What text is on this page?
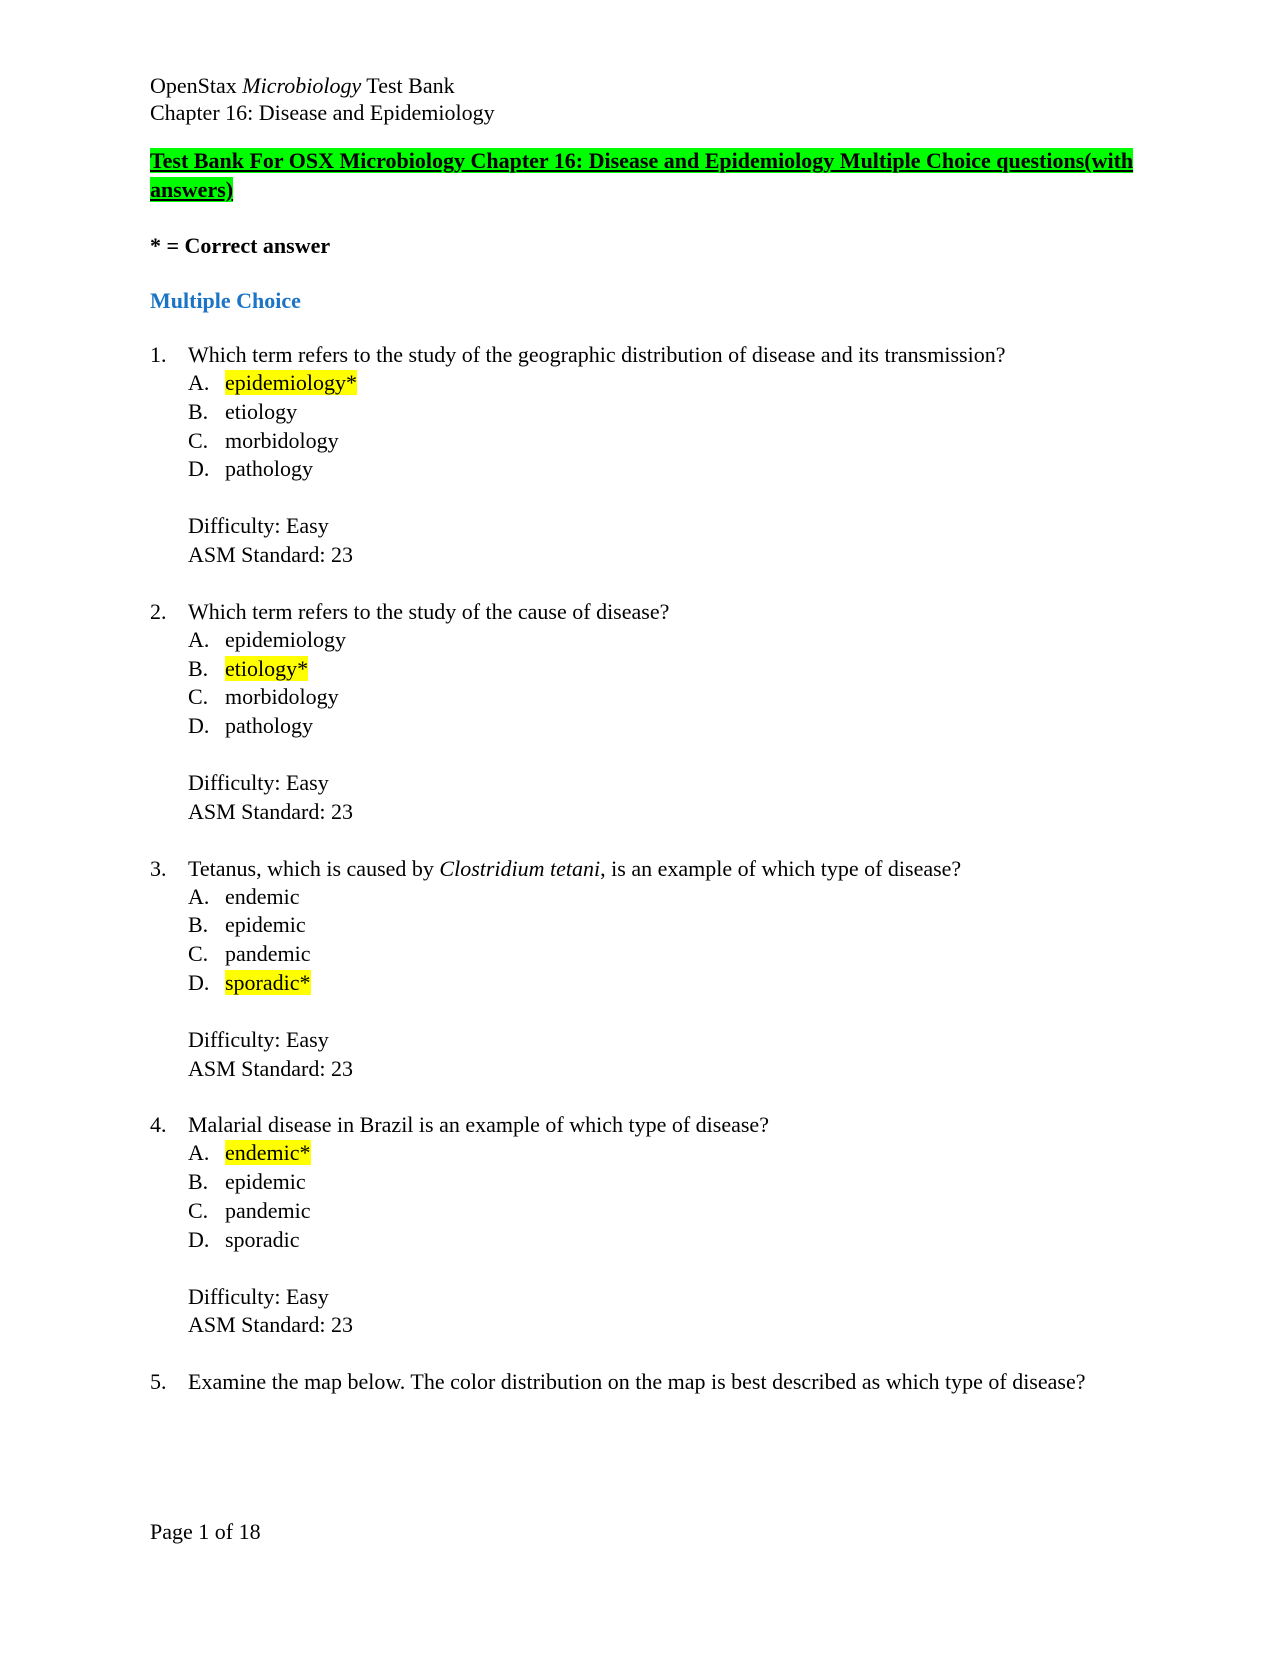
OpenStax Microbiology Test Bank

Chapter 16: Disease and Epidemiology

Test Bank For OSX Microbiology Chapter 16: Disease and Epidemiology Multiple Choice questions(with answers)
* = Correct answer
Multiple Choice
1. Which term refers to the study of the geographic distribution of disease and its transmission?
A. epidemiology*
B. etiology
C. morbidology
D. pathology
Difficulty: Easy
ASM Standard: 23
2. Which term refers to the study of the cause of disease?
A. epidemiology
B. etiology*
C. morbidology
D. pathology
Difficulty: Easy
ASM Standard: 23
3. Tetanus, which is caused by Clostridium tetani, is an example of which type of disease?
A. endemic
B. epidemic
C. pandemic
D. sporadic*
Difficulty: Easy
ASM Standard: 23
4. Malarial disease in Brazil is an example of which type of disease?
A. endemic*
B. epidemic
C. pandemic
D. sporadic
Difficulty: Easy
ASM Standard: 23
5. Examine the map below. The color distribution on the map is best described as which type of disease?
Page 1 of 18
